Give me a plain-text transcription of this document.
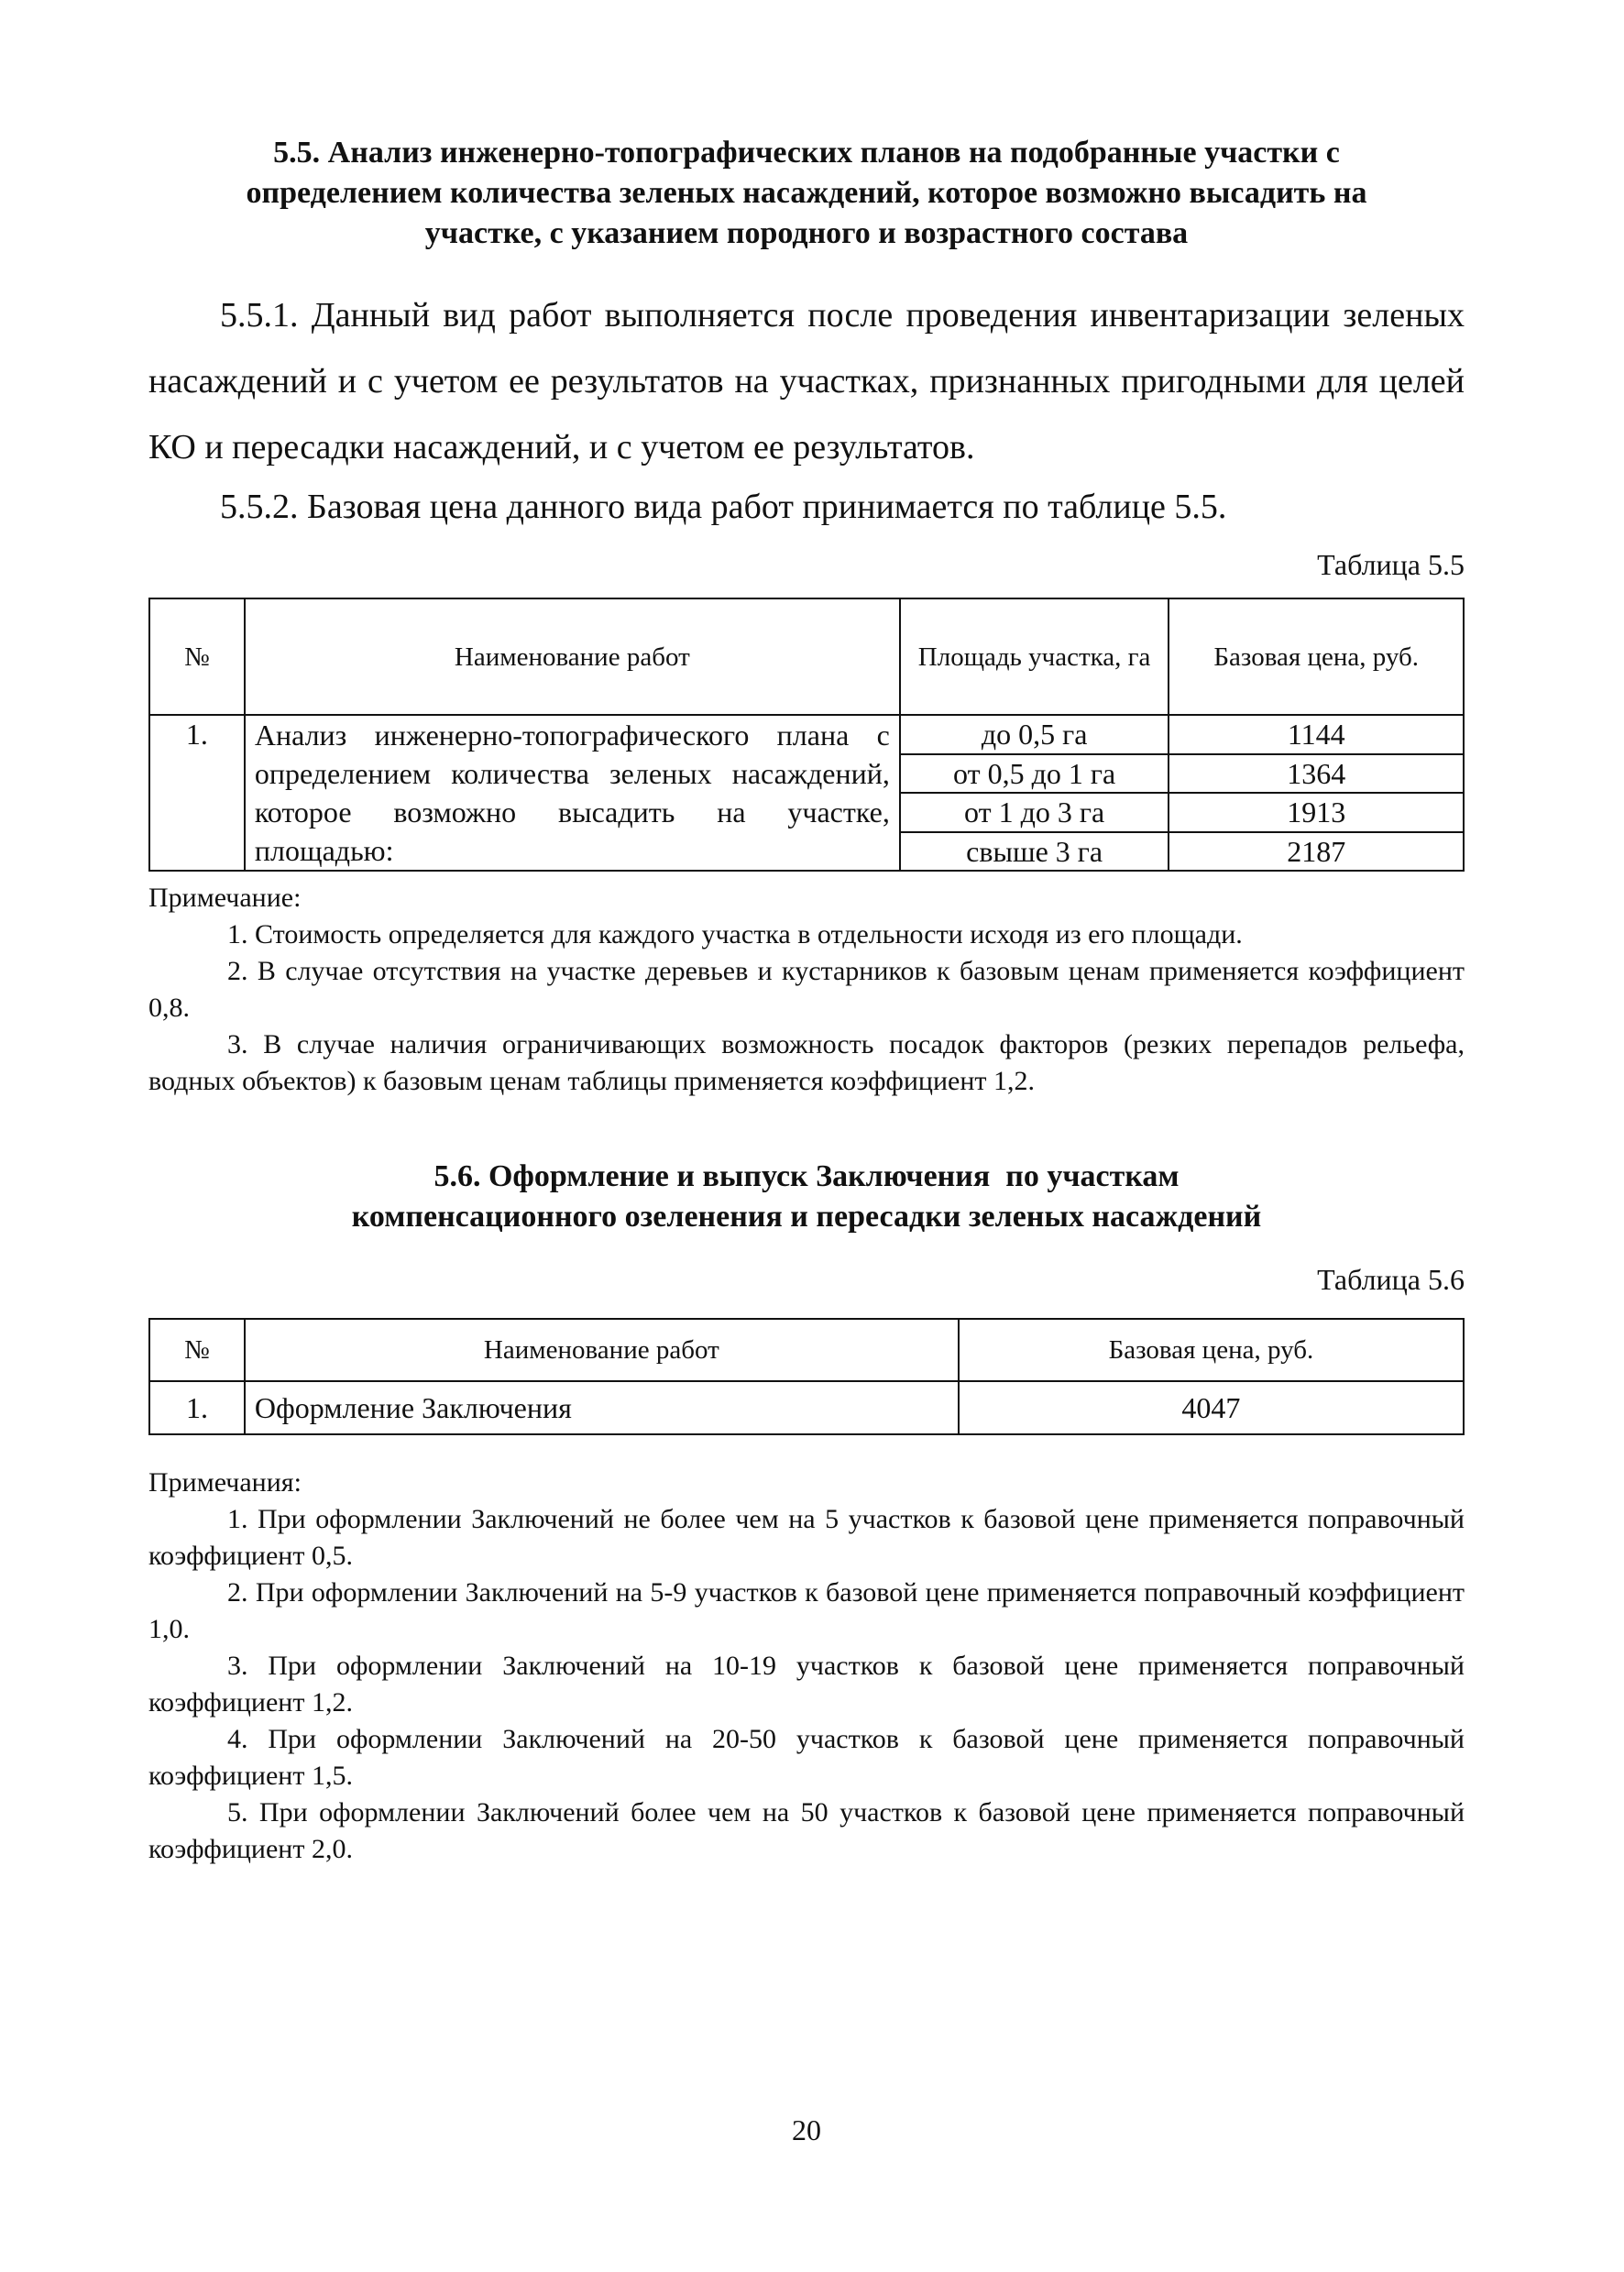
5.5. Анализ инженерно-топографических планов на подобранные участки с

определением количества зеленых насаждений, которое возможно высадить на

участке, с указанием породного и возрастного состава

5.5.1. Данный вид работ выполняется после проведения инвентаризации зеленых насаждений и с учетом ее результатов на участках, признанных пригодными для целей КО и пересадки насаждений, и с учетом ее результатов.

5.5.2. Базовая цена данного вида работ принимается по таблице 5.5.

Таблица 5.5
№	Наименование работ	Площадь участка, га	Базовая цена, руб.
1.	Анализ инженерно-топографического плана с определением количества зеленых насаждений, которое возможно высадить на участке, площадью:	до 0,5 га	1144
		от 0,5 до 1 га	1364
		от 1 до 3 га	1913
		свыше 3 га	2187

Примечание:

1. Стоимость определяется для каждого участка в отдельности исходя из его площади.

2. В случае отсутствия на участке деревьев и кустарников к базовым ценам применяется коэффициент 0,8.

3. В случае наличия ограничивающих возможность посадок факторов (резких перепадов рельефа, водных объектов) к базовым ценам таблицы применяется коэффициент 1,2.

5.6. Оформление и выпуск Заключения  по участкам

компенсационного озеленения и пересадки зеленых насаждений

Таблица 5.6
№	Наименование работ	Базовая цена, руб.
1.	Оформление Заключения	4047

Примечания:

1. При оформлении Заключений не более чем на 5 участков к базовой цене применяется поправочный коэффициент 0,5.

2. При оформлении Заключений на 5-9 участков к базовой цене применяется поправочный коэффициент 1,0.

3. При оформлении Заключений на 10-19 участков к базовой цене применяется поправочный коэффициент 1,2.

4. При оформлении Заключений на 20-50 участков к базовой цене применяется поправочный коэффициент 1,5.

5. При оформлении Заключений более чем на 50 участков к базовой цене применяется поправочный коэффициент 2,0.

20
